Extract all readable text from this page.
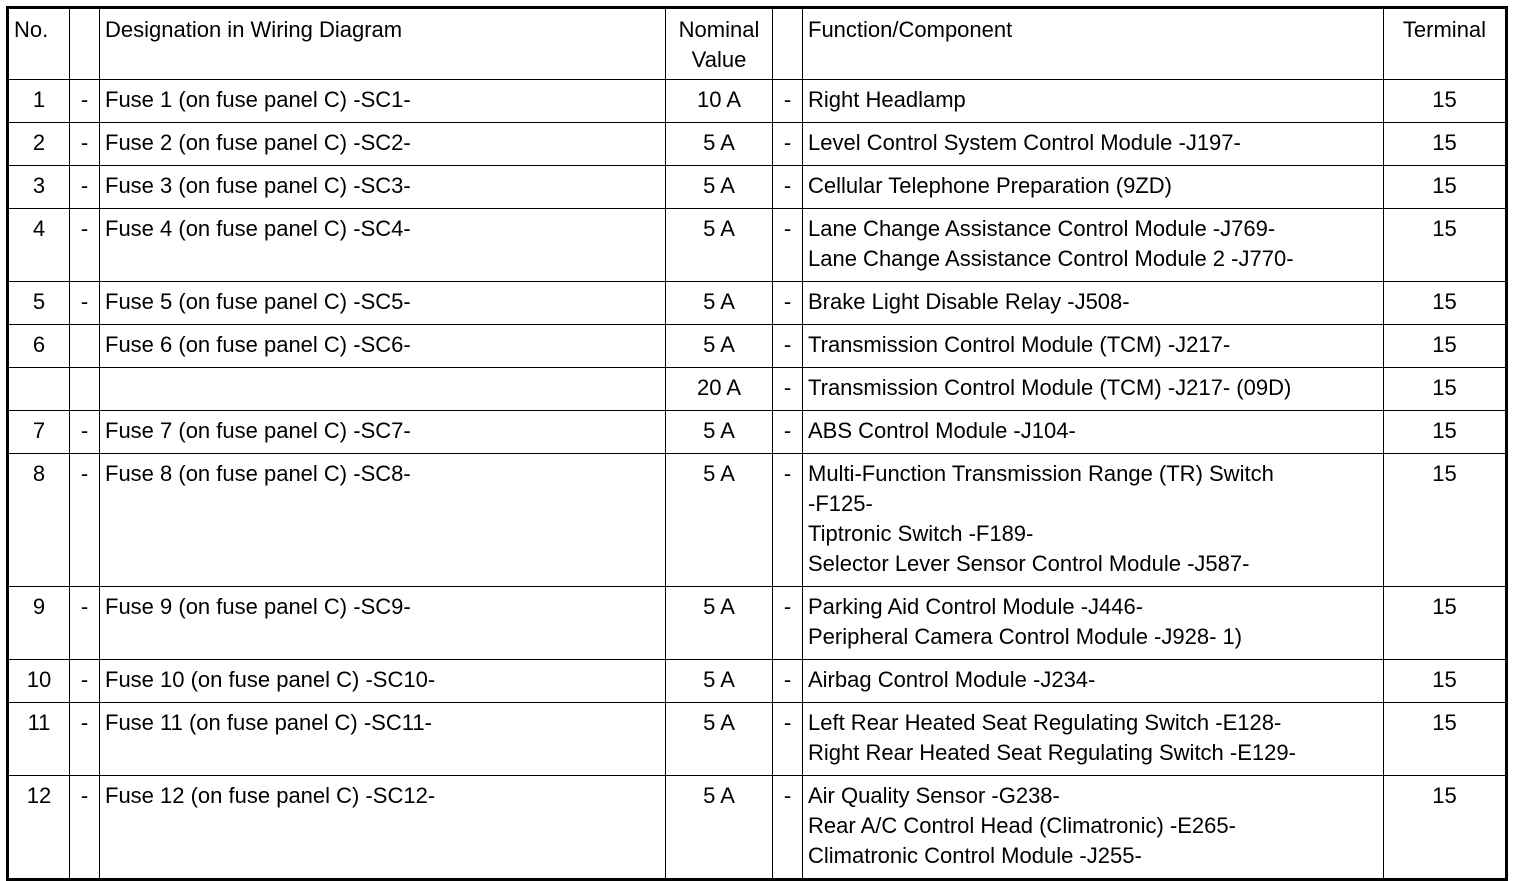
No.		Designation in Wiring Diagram	Nominal
Value		Function/Component	Terminal
1	-	Fuse 1 (on fuse panel C) -SC1-	10 A	-	Right Headlamp	15
2	-	Fuse 2 (on fuse panel C) -SC2-	5 A	-	Level Control System Control Module -J197-	15
3	-	Fuse 3 (on fuse panel C) -SC3-	5 A	-	Cellular Telephone Preparation (9ZD)	15
4	-	Fuse 4 (on fuse panel C) -SC4-	5 A	-	Lane Change Assistance Control Module -J769-
Lane Change Assistance Control Module 2 -J770-	15
5	-	Fuse 5 (on fuse panel C) -SC5-	5 A	-	Brake Light Disable Relay -J508-	15
6		Fuse 6 (on fuse panel C) -SC6-	5 A	-	Transmission Control Module (TCM) -J217-	15
			20 A	-	Transmission Control Module (TCM) -J217- (09D)	15
7	-	Fuse 7 (on fuse panel C) -SC7-	5 A	-	ABS Control Module -J104-	15
8	-	Fuse 8 (on fuse panel C) -SC8-	5 A	-	Multi-Function Transmission Range (TR) Switch
-F125-
Tiptronic Switch -F189-
Selector Lever Sensor Control Module -J587-	15
9	-	Fuse 9 (on fuse panel C) -SC9-	5 A	-	Parking Aid Control Module -J446-
Peripheral Camera Control Module -J928- 1)	15
10	-	Fuse 10 (on fuse panel C) -SC10-	5 A	-	Airbag Control Module -J234-	15
11	-	Fuse 11 (on fuse panel C) -SC11-	5 A	-	Left Rear Heated Seat Regulating Switch -E128-
Right Rear Heated Seat Regulating Switch -E129-	15
12	-	Fuse 12 (on fuse panel C) -SC12-	5 A	-	Air Quality Sensor -G238-
Rear A/C Control Head (Climatronic) -E265-
Climatronic Control Module -J255-	15
